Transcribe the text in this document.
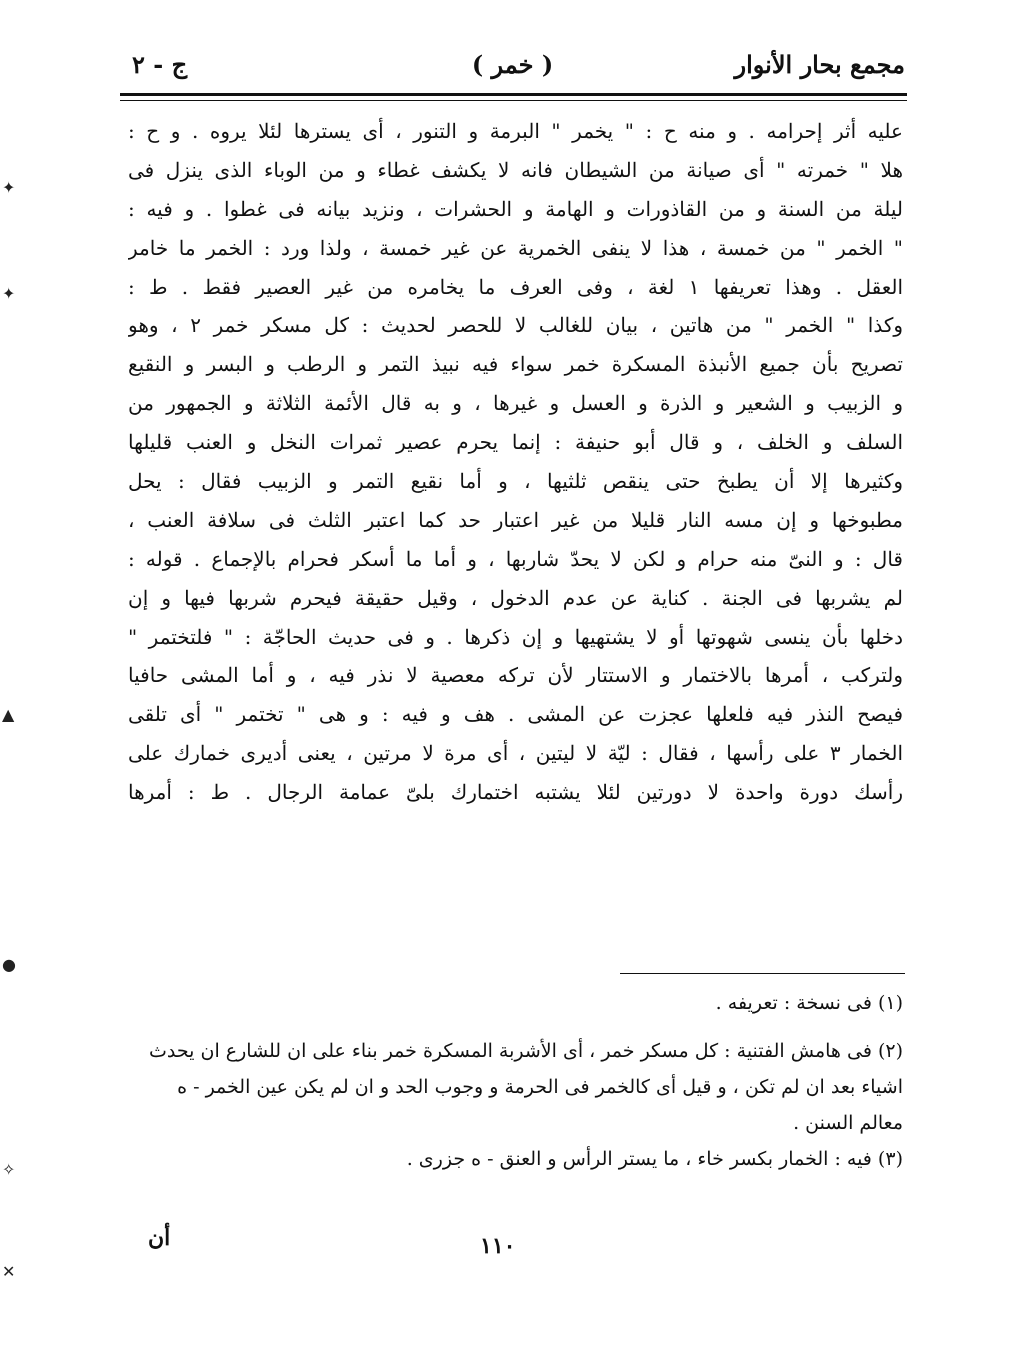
مجمع بحار الأنوار
( خمر )
ج - ٢
عليه أثر إحرامه . و منه ح : " يخمر " البرمة و التنور ، أى يسترها لئلا يروه . و ح :
هلا " خمرته " أى صيانة من الشيطان فانه لا يكشف غطاء و من الوباء الذى ينزل فى
ليلة من السنة و من القاذورات و الهامة و الحشرات ، ونزيد بيانه فى غطوا . و فيه :
" الخمر " من خمسة ، هذا لا ينفى الخمرية عن غير خمسة ، ولذا ورد : الخمر ما خامر
العقل . وهذا تعريفها ١ لغة ، وفى العرف ما يخامره من غير العصير فقط . ط :
وكذا " الخمر " من هاتين ، بيان للغالب لا للحصر لحديث : كل مسكر خمر ٢ ، وهو
تصريح بأن جميع الأنبذة المسكرة خمر سواء فيه نبيذ التمر و الرطب و البسر و النقيع
و الزبيب و الشعير و الذرة و العسل و غيرها ، و به قال الأئمة الثلاثة و الجمهور من
السلف و الخلف ، و قال أبو حنيفة : إنما يحرم عصير ثمرات النخل و العنب قليلها
وكثيرها إلا أن يطبخ حتى ينقص ثلثيها ، و أما نقيع التمر و الزبيب فقال : يحل
مطبوخها و إن مسه النار قليلا من غير اعتبار حد كما اعتبر الثلث فى سلافة العنب ،
قال : و النىّ منه حرام و لكن لا يحدّ شاربها ، و أما ما أسكر فحرام بالإجماع . قوله :
لم يشربها فى الجنة . كناية عن عدم الدخول ، وقيل حقيقة فيحرم شربها فيها و إن
دخلها بأن ينسى شهوتها أو لا يشتهيها و إن ذكرها . و فى حديث الحاجّة : " فلتختمر "
ولتركب ، أمرها بالاختمار و الاستتار لأن تركه معصية لا نذر فيه ، و أما المشى حافيا
فيصح النذر فيه فلعلها عجزت عن المشى . هف و فيه : و هى " تختمر " أى تلقى
الخمار ٣ على رأسها ، فقال : ليّة لا ليتين ، أى مرة لا مرتين ، يعنى أديرى خمارك على
رأسك دورة واحدة لا دورتين لئلا يشتبه اختمارك بلىّ عمامة الرجال . ط : أمرها
(١) فى نسخة : تعريفه .
(٢) فى هامش الفتنية : كل مسكر خمر ، أى الأشربة المسكرة خمر بناء على ان للشارع ان يحدث
اشياء بعد ان لم تكن ، و قيل أى كالخمر فى الحرمة و وجوب الحد و ان لم يكن عين الخمر - ه
معالم السنن .
(٣) فيه : الخمار بكسر خاء ، ما يستر الرأس و العنق - ه جزرى .
أن	١١٠
✦
✦
▲
●
✧
✕
